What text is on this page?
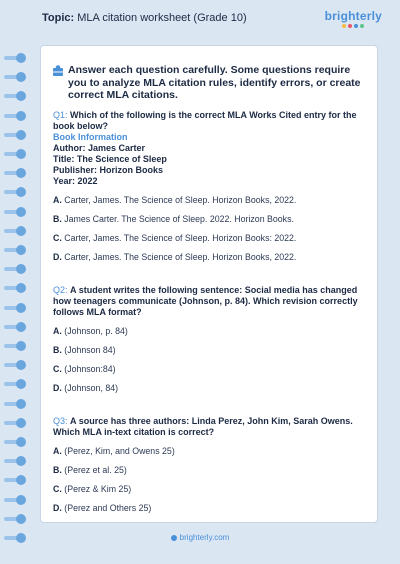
Topic: MLA citation worksheet (Grade 10)	brighterly
Answer each question carefully. Some questions require you to analyze MLA citation rules, identify errors, or create correct MLA citations.
Q1: Which of the following is the correct MLA Works Cited entry for the book below?
Book Information
Author: James Carter
Title: The Science of Sleep
Publisher: Horizon Books
Year: 2022
A. Carter, James. The Science of Sleep. Horizon Books, 2022.
B. James Carter. The Science of Sleep. 2022. Horizon Books.
C. Carter, James. The Science of Sleep. Horizon Books: 2022.
D. Carter, James. The Science of Sleep. Horizon Books, 2022.
Q2: A student writes the following sentence: Social media has changed how teenagers communicate (Johnson, p. 84). Which revision correctly follows MLA format?
A. (Johnson, p. 84)
B. (Johnson 84)
C. (Johnson:84)
D. (Johnson, 84)
Q3: A source has three authors: Linda Perez, John Kim, Sarah Owens. Which MLA in-text citation is correct?
A. (Perez, Kim, and Owens 25)
B. (Perez et al. 25)
C. (Perez & Kim 25)
D. (Perez and Others 25)
brighterly.com
